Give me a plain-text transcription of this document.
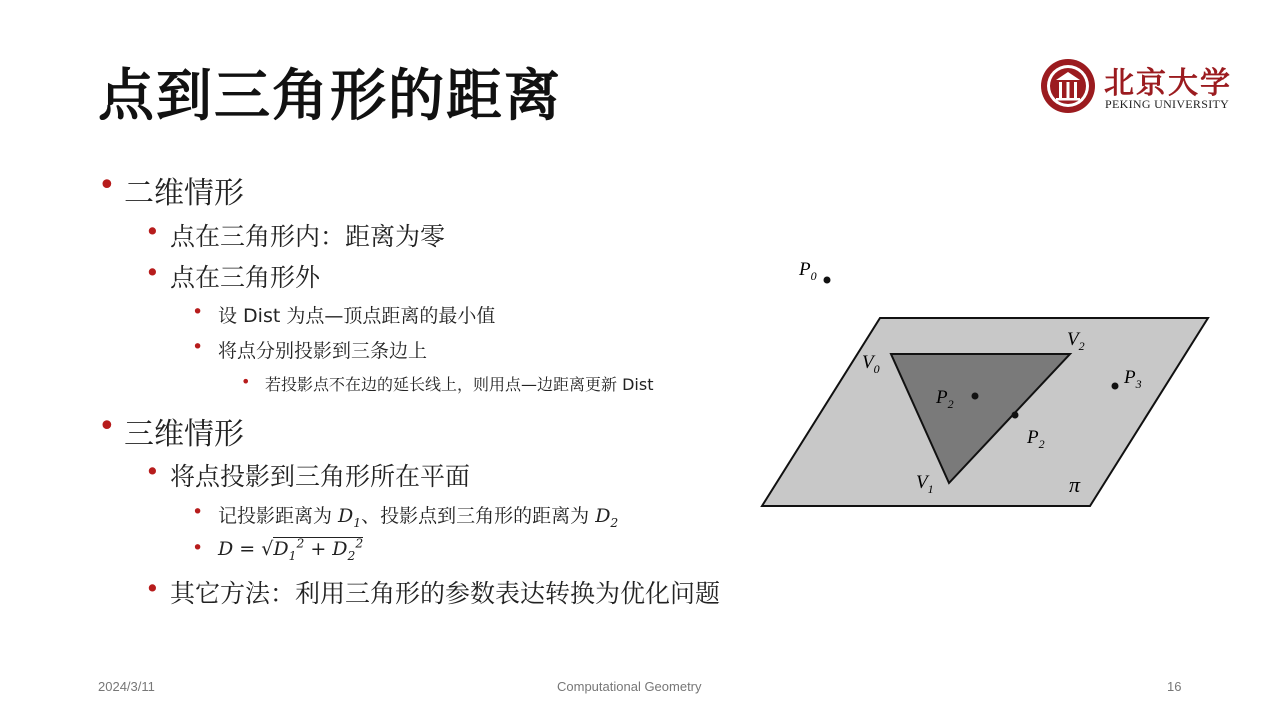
点到三角形的距离	北京大学
PEKING UNIVERSITY
• 二维情形
• 点在三角形内：距离为零
• 点在三角形外
• 设 Dist 为点—顶点距离的最小值
• 将点分别投影到三条边上
• 若投影点不在边的延长线上，则用点—边距离更新 Dist
• 三维情形
• 将点投影到三角形所在平面
• 记投影距离为 $D_1$、投影点到三角形的距离为 $D_2$
• $D = √D_1^2 + D_2^2$
• 其它方法：利用三角形的参数表达转换为优化问题
$P_0$
$P_2$
$P_2$
$P_3$
$V_0$
$V_1$
$V_2$
π
2024/3/11	Computational Geometry	16
